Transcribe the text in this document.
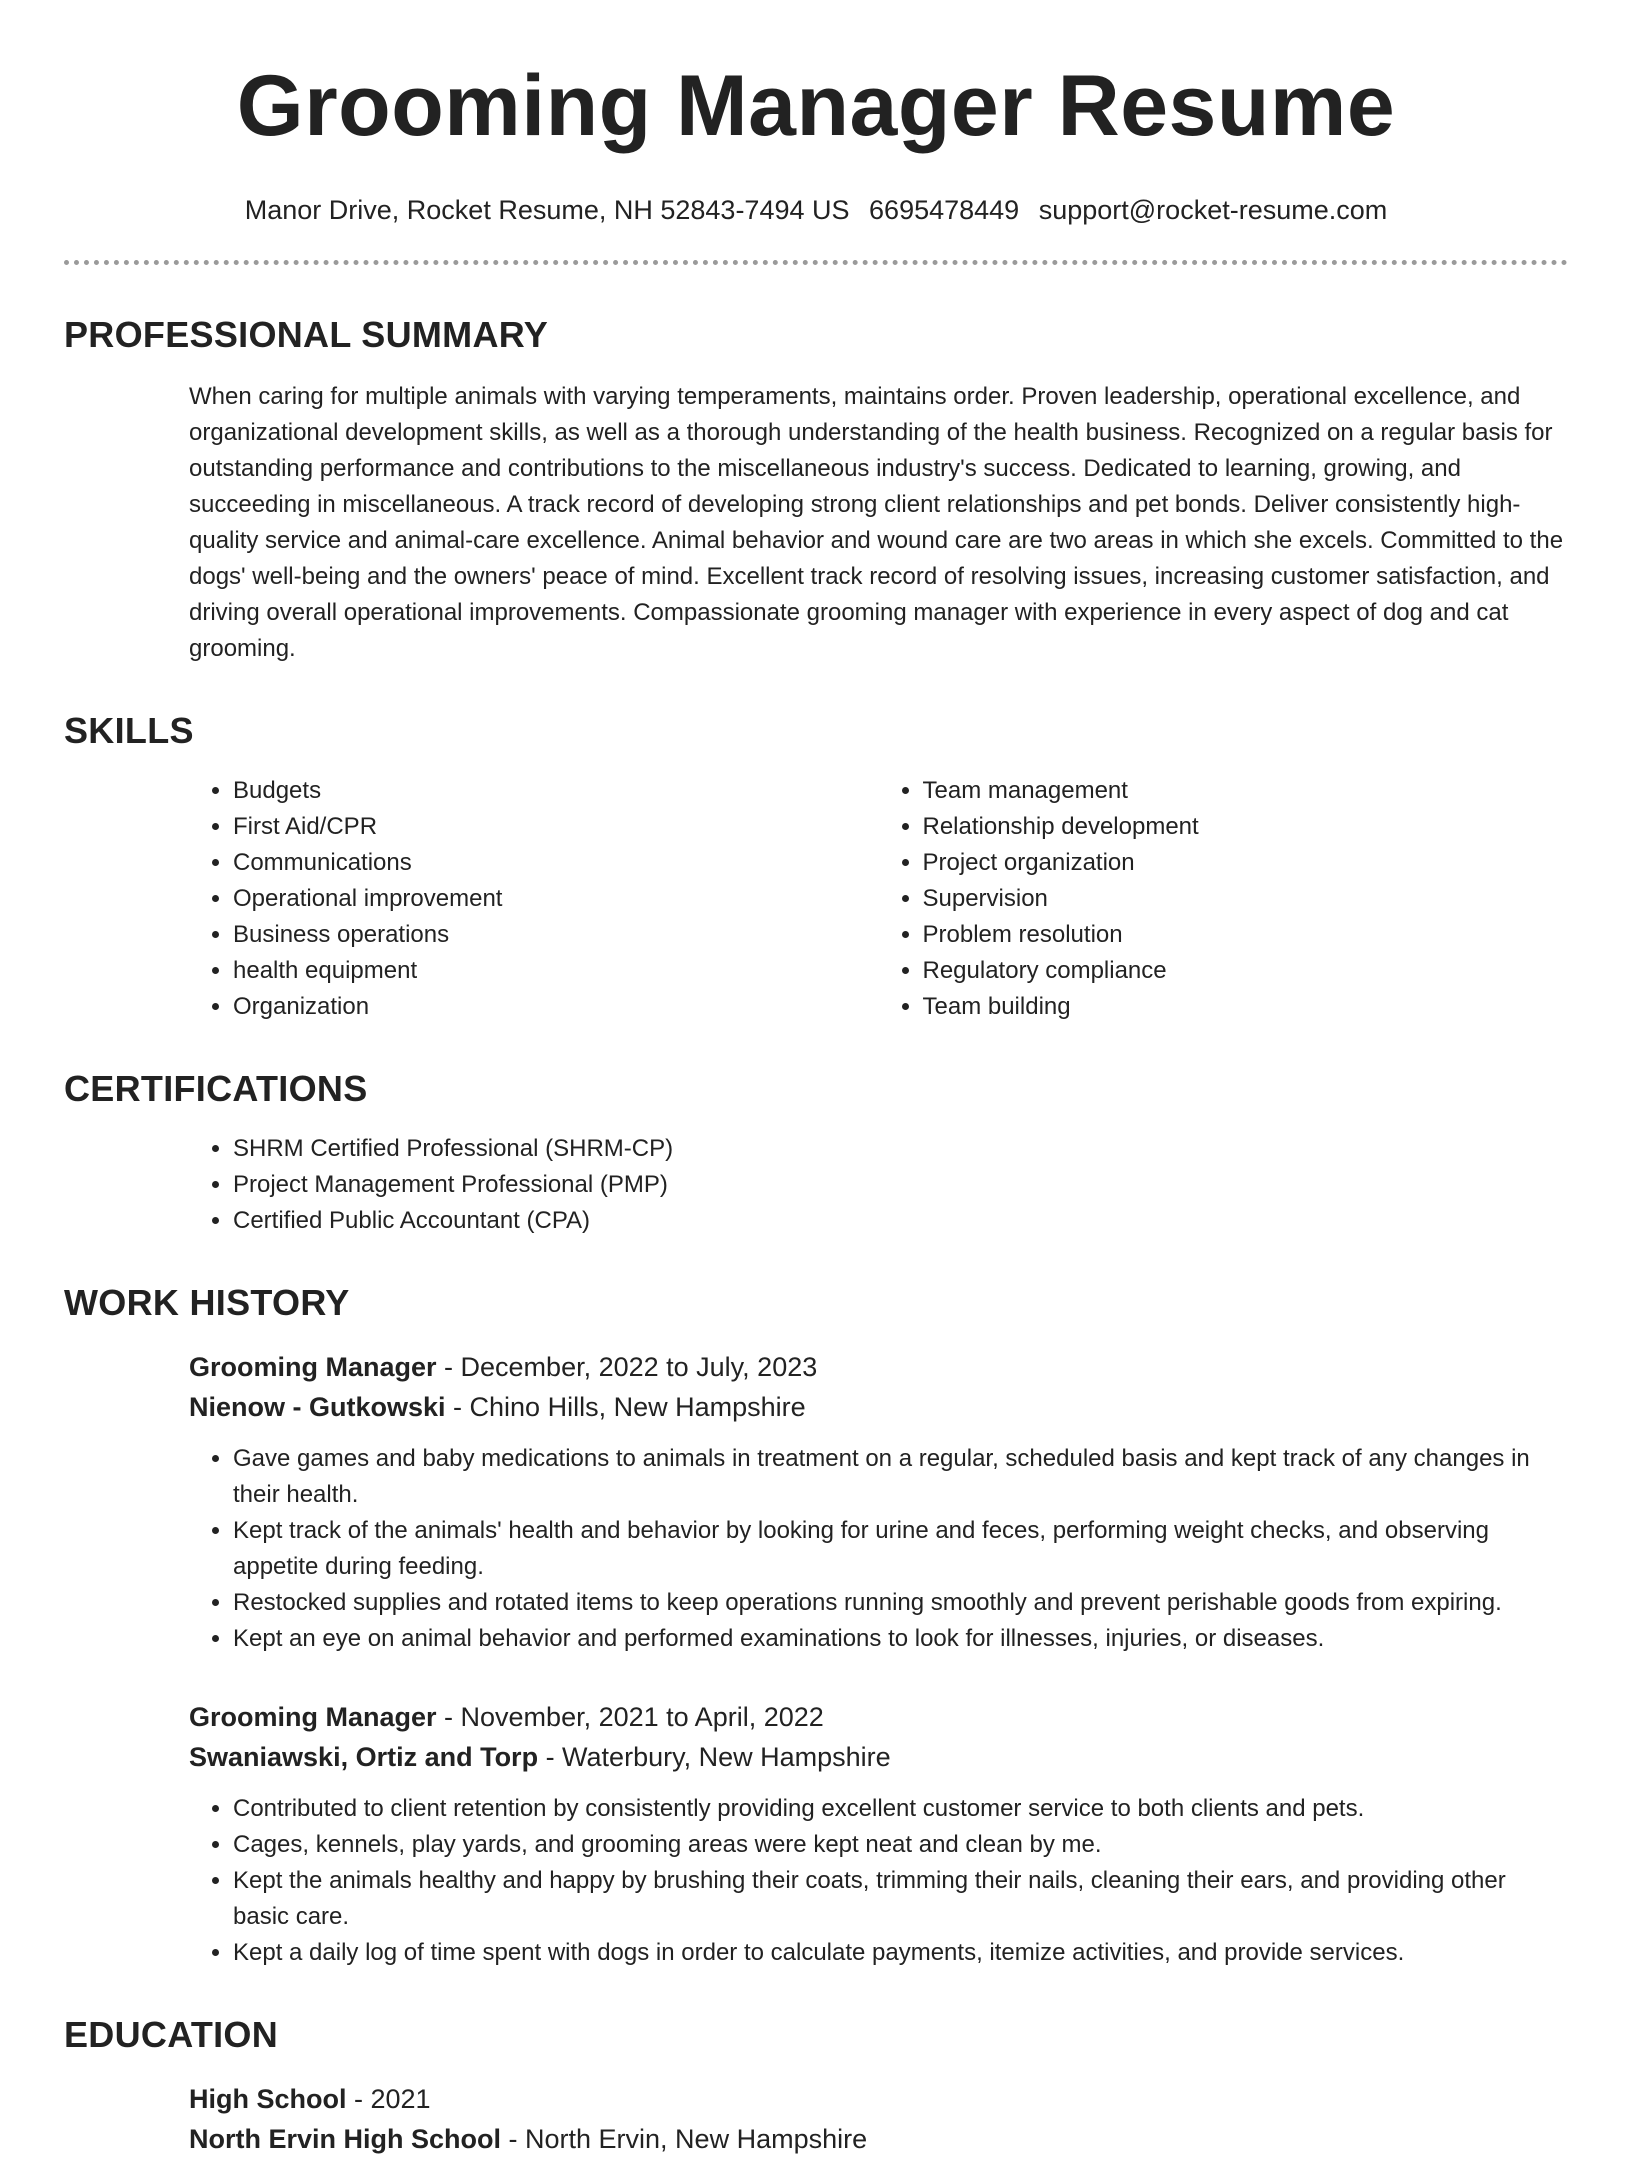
Grooming Manager Resume
Manor Drive, Rocket Resume, NH 52843-7494 US 6695478449 support@rocket-resume.com
PROFESSIONAL SUMMARY
When caring for multiple animals with varying temperaments, maintains order. Proven leadership, operational excellence, and organizational development skills, as well as a thorough understanding of the health business. Recognized on a regular basis for outstanding performance and contributions to the miscellaneous industry's success. Dedicated to learning, growing, and succeeding in miscellaneous. A track record of developing strong client relationships and pet bonds. Deliver consistently high-quality service and animal-care excellence. Animal behavior and wound care are two areas in which she excels. Committed to the dogs' well-being and the owners' peace of mind. Excellent track record of resolving issues, increasing customer satisfaction, and driving overall operational improvements. Compassionate grooming manager with experience in every aspect of dog and cat grooming.
SKILLS
• Budgets
• First Aid/CPR
• Communications
• Operational improvement
• Business operations
• health equipment
• Organization
• Team management
• Relationship development
• Project organization
• Supervision
• Problem resolution
• Regulatory compliance
• Team building
CERTIFICATIONS
• SHRM Certified Professional (SHRM-CP)
• Project Management Professional (PMP)
• Certified Public Accountant (CPA)
WORK HISTORY
Grooming Manager - December, 2022 to July, 2023
Nienow - Gutkowski - Chino Hills, New Hampshire
• Gave games and baby medications to animals in treatment on a regular, scheduled basis and kept track of any changes in their health.
• Kept track of the animals' health and behavior by looking for urine and feces, performing weight checks, and observing appetite during feeding.
• Restocked supplies and rotated items to keep operations running smoothly and prevent perishable goods from expiring.
• Kept an eye on animal behavior and performed examinations to look for illnesses, injuries, or diseases.
Grooming Manager - November, 2021 to April, 2022
Swaniawski, Ortiz and Torp - Waterbury, New Hampshire
• Contributed to client retention by consistently providing excellent customer service to both clients and pets.
• Cages, kennels, play yards, and grooming areas were kept neat and clean by me.
• Kept the animals healthy and happy by brushing their coats, trimming their nails, cleaning their ears, and providing other basic care.
• Kept a daily log of time spent with dogs in order to calculate payments, itemize activities, and provide services.
EDUCATION
High School - 2021
North Ervin High School - North Ervin, New Hampshire
